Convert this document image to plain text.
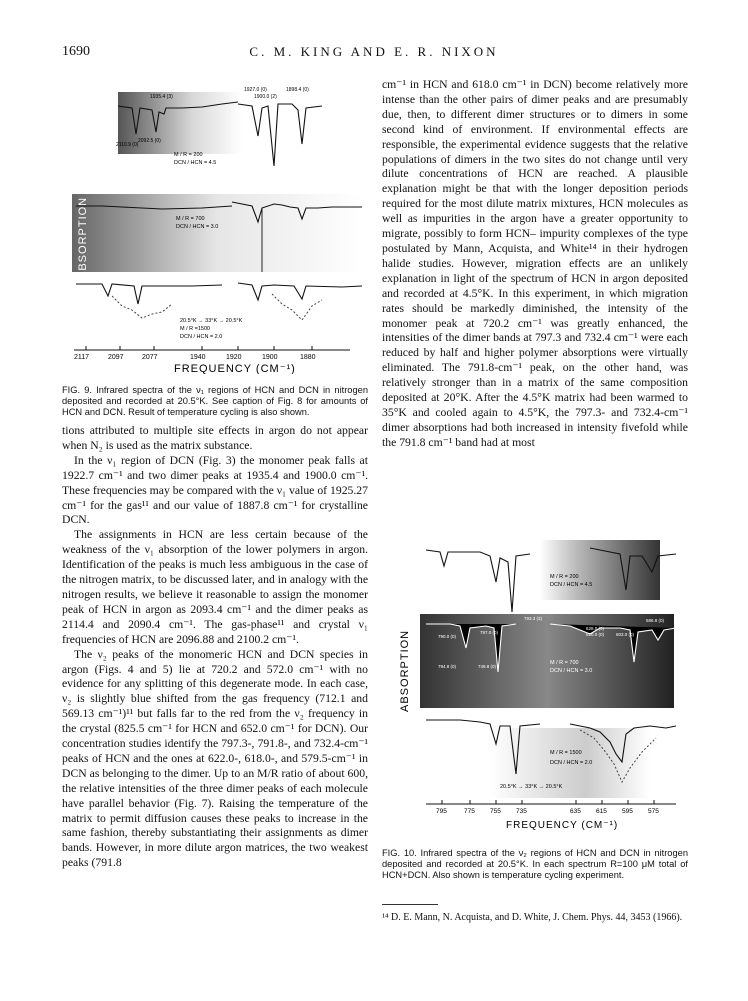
1690	C. M. KING AND E. R. NIXON
1935.4 (3)
1927.0 (0)	1898.4 (0)
1900.0 (2)
2110.9 (0)
2092.5 (0)
M / R = 200
DCN / HCN = 4.5
M / R = 700
DCN / HCN = 3.0
20.5°K → 33°K → 20.5°K
M / R =1500
DCN / HCN = 2.0
ABSORPTION
2117	2097	2077	1940	1920	1900	1880
FREQUENCY (CM⁻¹)
FIG. 9. Infrared spectra of the ν₁ regions of HCN and DCN in nitrogen deposited and recorded at 20.5°K. See caption of Fig. 8 for amounts of HCN and DCN. Result of temperature cycling is also shown.

tions attributed to multiple site effects in argon do not appear when N₂ is used as the matrix substance.

In the ν₁ region of DCN (Fig. 3) the monomer peak falls at 1922.7 cm⁻¹ and two dimer peaks at 1935.4 and 1900.0 cm⁻¹. These frequencies may be compared with the ν₁ value of 1925.27 cm⁻¹ for the gas¹¹ and our value of 1887.8 cm⁻¹ for crystalline DCN.

The assignments in HCN are less certain because of the weakness of the ν₁ absorption of the lower polymers in argon. Identification of the peaks is much less ambiguous in the case of the nitrogen matrix, to be discussed later, and in analogy with the nitrogen results, we believe it reasonable to assign the monomer peak of HCN in argon as 2093.4 cm⁻¹ and the dimer peaks as 2114.4 and 2090.4 cm⁻¹. The gas-phase¹¹ and crystal ν₁ frequencies of HCN are 2096.88 and 2100.2 cm⁻¹.

The ν₂ peaks of the monomeric HCN and DCN species in argon (Figs. 4 and 5) lie at 720.2 and 572.0 cm⁻¹ with no evidence for any splitting of this degenerate mode. In each case, ν₂ is slightly blue shifted from the gas frequency (712.1 and 569.13 cm⁻¹)¹¹ but falls far to the red from the ν₂ frequency in the crystal (825.5 cm⁻¹ for HCN and 652.0 cm⁻¹ for DCN). Our concentration studies identify the 797.3-, 791.8-, and 732.4-cm⁻¹ peaks of HCN and the ones at 622.0-, 618.0-, and 579.5-cm⁻¹ in DCN as belonging to the dimer. Up to an M/R ratio of about 600, the relative intensities of the three dimer peaks of each molecule have parallel behavior (Fig. 7). Raising the temperature of the matrix to permit diffusion causes these peaks to increase in the same fashion, thereby substantiating their assignments as dimer bands. However, in more dilute argon matrices, the two weakest peaks (791.8

cm⁻¹ in HCN and 618.0 cm⁻¹ in DCN) become relatively more intense than the other pairs of dimer peaks and are presumably due, then, to different dimer structures or to dimers in some second kind of environment. If environmental effects are responsible, the experimental evidence suggests that the relative populations of dimers in the two sites do not change until very dilute concentrations of HCN are reached. A plausible explanation might be that with the longer deposition periods required for the most dilute matrix mixtures, HCN molecules as well as impurities in the argon have a greater opportunity to migrate, possibly to form HCN– impurity complexes of the type postulated by Mann, Acquista, and White¹⁴ in their hydrogen halide studies. However, migration effects are an unlikely explanation in light of the spectrum of HCN in argon deposited and recorded at 4.5°K. In this experiment, in which migration rates should be markedly diminished, the intensity of the monomer peak at 720.2 cm⁻¹ was greatly enhanced, the intensities of the dimer bands at 797.3 and 732.4 cm⁻¹ were each reduced by half and higher polymer absorptions were virtually eliminated. The 791.8-cm⁻¹ peak, on the other hand, was relatively stronger than in a matrix of the same composition deposited at 20°K. After the 4.5°K matrix had been warmed to 35°K and cooled again to 4.5°K, the 797.3- and 732.4-cm⁻¹ dimer absorptions had both increased in intensity fivefold while the 791.8 cm⁻¹ band had at most

793.3 (3)
790.0 (0)
797.0 (0)
794.8 (0)	749.8 (0)
628.0 (0)
620.0 (0)	603.0 (0)
586.8 (0)
M / R = 200
DCN / HCN = 4.5
M / R = 700
DCN / HCN = 3.0
M / R = 1500
DCN / HCN = 2.0
20.5°K → 33°K → 20.5°K
ABSORPTION
795	775 755 735	635 615 595 575
FREQUENCY (CM⁻¹)
FIG. 10. Infrared spectra of the ν₂ regions of HCN and DCN in nitrogen deposited and recorded at 20.5°K. In each spectrum R=100 μM total of HCN+DCN. Also shown is temperature cycling experiment.
¹⁴ D. E. Mann, N. Acquista, and D. White, J. Chem. Phys. 44, 3453 (1966).
